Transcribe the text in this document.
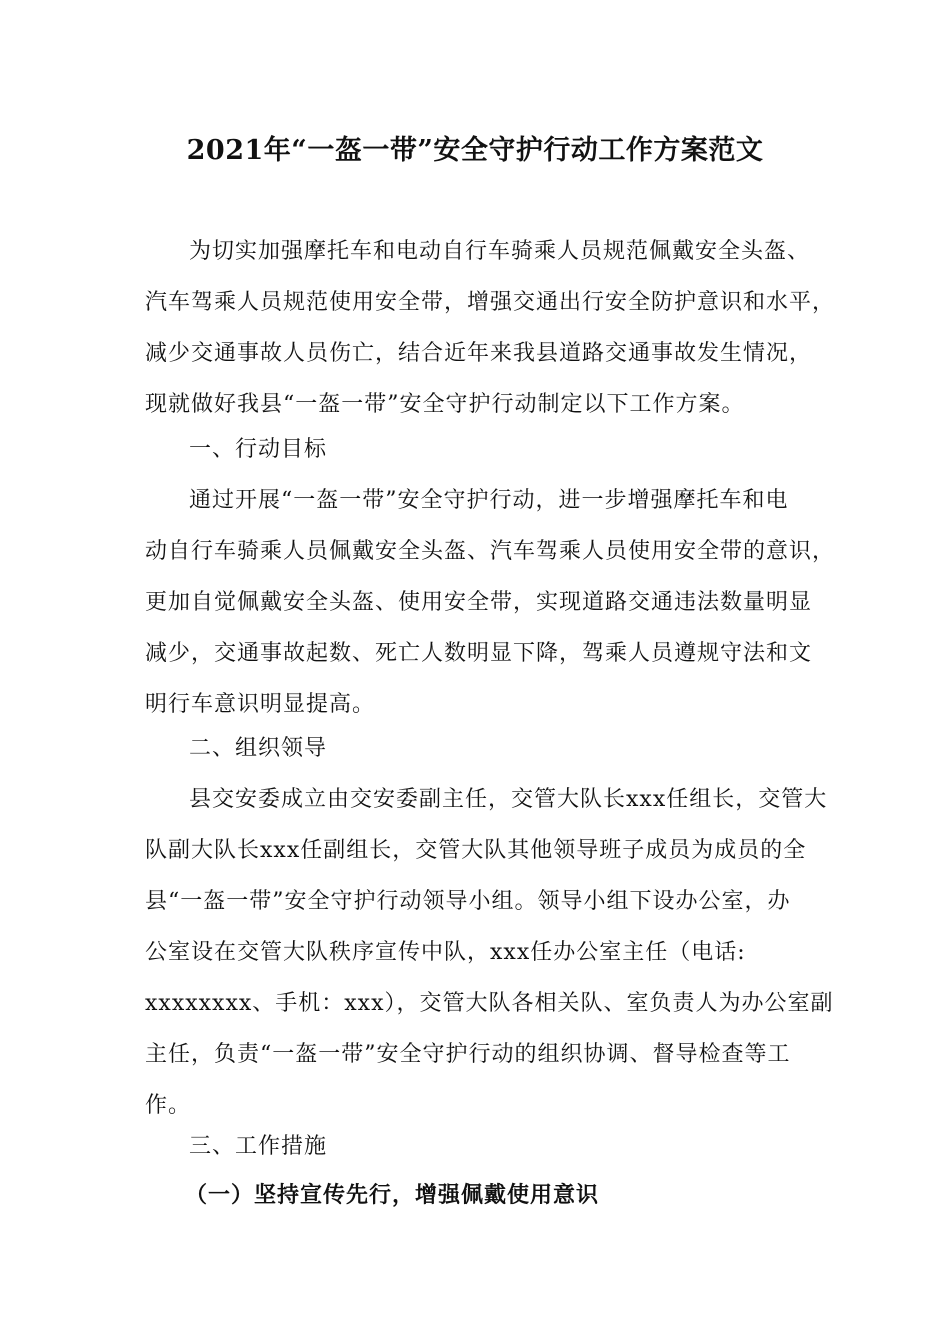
2021年“一盔一带”安全守护行动工作方案范文
为切实加强摩托车和电动自行车骑乘人员规范佩戴安全头盔、
汽车驾乘人员规范使用安全带，增强交通出行安全防护意识和水平，
减少交通事故人员伤亡，结合近年来我县道路交通事故发生情况，
现就做好我县“一盔一带”安全守护行动制定以下工作方案。
一、行动目标
通过开展“一盔一带”安全守护行动，进一步增强摩托车和电
动自行车骑乘人员佩戴安全头盔、汽车驾乘人员使用安全带的意识，
更加自觉佩戴安全头盔、使用安全带，实现道路交通违法数量明显
减少，交通事故起数、死亡人数明显下降，驾乘人员遵规守法和文
明行车意识明显提高。
二、组织领导
县交安委成立由交安委副主任，交管大队长xxx任组长，交管大
队副大队长xxx任副组长，交管大队其他领导班子成员为成员的全
县“一盔一带”安全守护行动领导小组。领导小组下设办公室，办
公室设在交管大队秩序宣传中队，xxx任办公室主任（电话:
xxxxxxxx、手机：xxx），交管大队各相关队、室负责人为办公室副
主任，负责“一盔一带”安全守护行动的组织协调、督导检查等工
作。
三、工作措施
（一）坚持宣传先行，增强佩戴使用意识
